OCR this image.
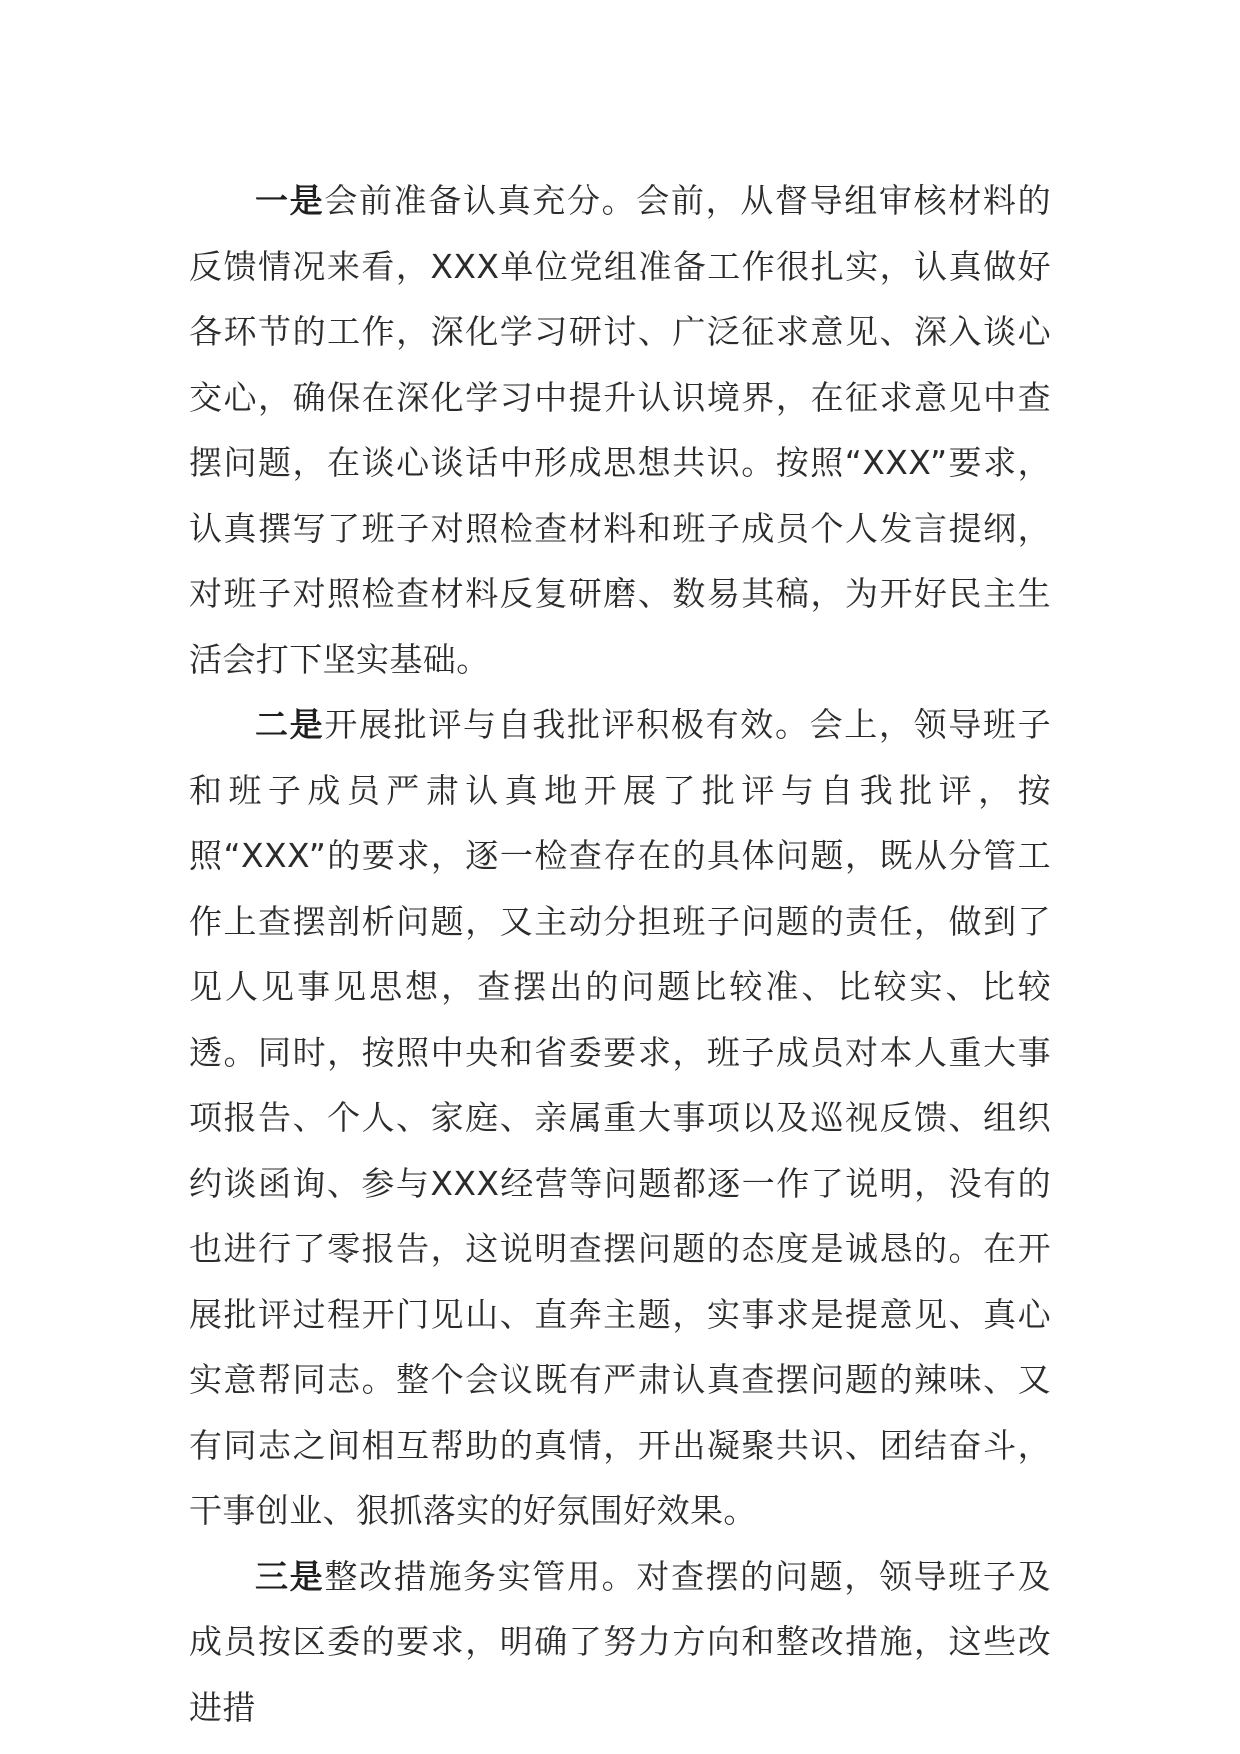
一是会前准备认真充分。会前，从督导组审核材料的反馈情况来看，XXX单位党组准备工作很扎实，认真做好各环节的工作，深化学习研讨、广泛征求意见、深入谈心交心，确保在深化学习中提升认识境界，在征求意见中查摆问题，在谈心谈话中形成思想共识。按照“XXX”要求，认真撰写了班子对照检查材料和班子成员个人发言提纲，对班子对照检查材料反复研磨、数易其稿，为开好民主生活会打下坚实基础。

二是开展批评与自我批评积极有效。会上，领导班子和班子成员严肃认真地开展了批评与自我批评，按照“XXX”的要求，逐一检查存在的具体问题，既从分管工作上查摆剖析问题，又主动分担班子问题的责任，做到了见人见事见思想，查摆出的问题比较准、比较实、比较透。同时，按照中央和省委要求，班子成员对本人重大事项报告、个人、家庭、亲属重大事项以及巡视反馈、组织约谈函询、参与XXX经营等问题都逐一作了说明，没有的也进行了零报告，这说明查摆问题的态度是诚恳的。在开展批评过程开门见山、直奔主题，实事求是提意见、真心实意帮同志。整个会议既有严肃认真查摆问题的辣味、又有同志之间相互帮助的真情，开出凝聚共识、团结奋斗，干事创业、狠抓落实的好氛围好效果。

三是整改措施务实管用。对查摆的问题，领导班子及成员按区委的要求，明确了努力方向和整改措施，这些改进措
